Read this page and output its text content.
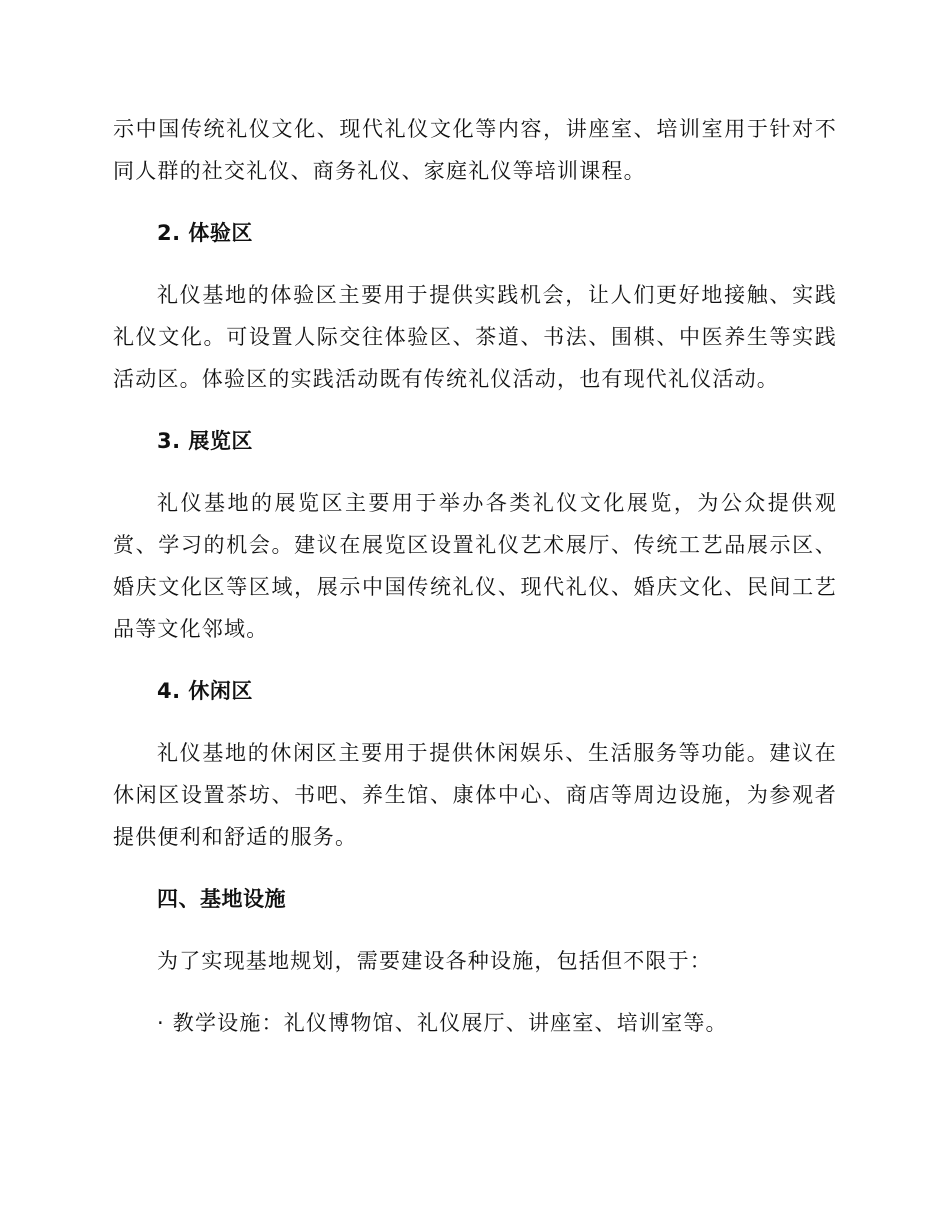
示中国传统礼仪文化、现代礼仪文化等内容，讲座室、培训室用于针对不同人群的社交礼仪、商务礼仪、家庭礼仪等培训课程。

2. 体验区

礼仪基地的体验区主要用于提供实践机会，让人们更好地接触、实践礼仪文化。可设置人际交往体验区、茶道、书法、围棋、中医养生等实践活动区。体验区的实践活动既有传统礼仪活动，也有现代礼仪活动。

3. 展览区

礼仪基地的展览区主要用于举办各类礼仪文化展览，为公众提供观赏、学习的机会。建议在展览区设置礼仪艺术展厅、传统工艺品展示区、婚庆文化区等区域，展示中国传统礼仪、现代礼仪、婚庆文化、民间工艺品等文化邻域。

4. 休闲区

礼仪基地的休闲区主要用于提供休闲娱乐、生活服务等功能。建议在休闲区设置茶坊、书吧、养生馆、康体中心、商店等周边设施，为参观者提供便利和舒适的服务。

四、基地设施

为了实现基地规划，需要建设各种设施，包括但不限于：

· 教学设施：礼仪博物馆、礼仪展厅、讲座室、培训室等。
